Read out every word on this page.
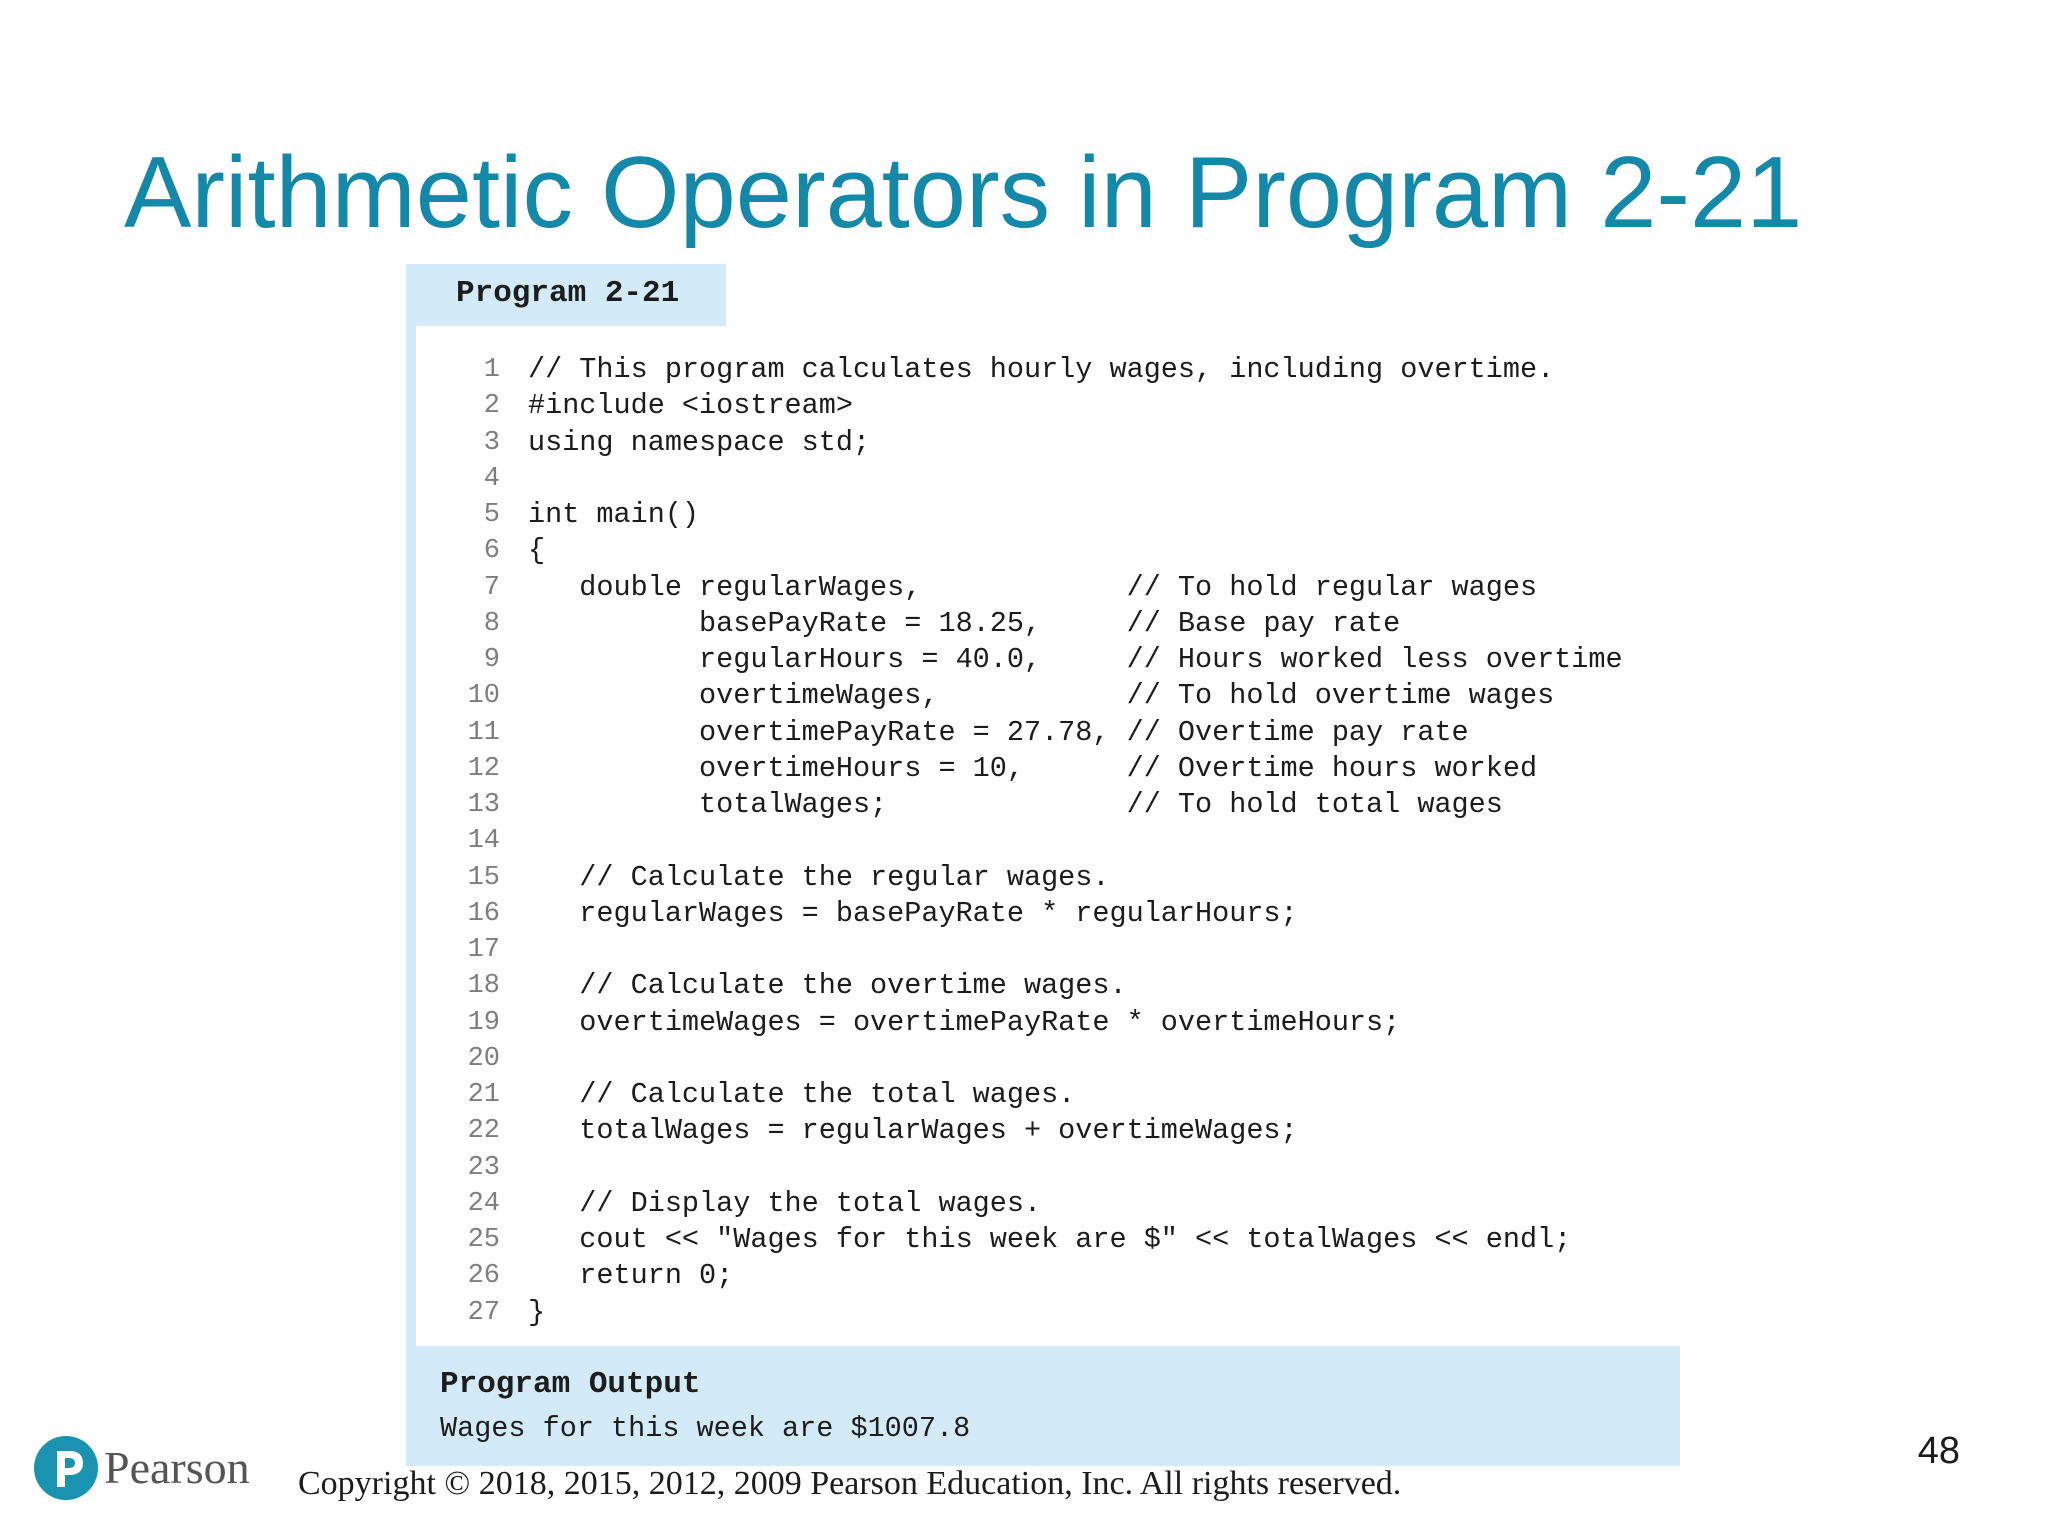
Arithmetic Operators in Program 2-21
Program 2-21
1 // This program calculates hourly wages, including overtime.
2 #include <iostream>
3 using namespace std;
4
5 int main()
6 {
7 double regularWages,            // To hold regular wages
8 basePayRate = 18.25,     // Base pay rate
9 regularHours = 40.0,     // Hours worked less overtime
10 overtimeWages,           // To hold overtime wages
11 overtimePayRate = 27.78, // Overtime pay rate
12 overtimeHours = 10,      // Overtime hours worked
13 totalWages;              // To hold total wages
14
15 // Calculate the regular wages.
16 regularWages = basePayRate * regularHours;
17
18 // Calculate the overtime wages.
19 overtimeWages = overtimePayRate * overtimeHours;
20
21 // Calculate the total wages.
22 totalWages = regularWages + overtimeWages;
23
24 // Display the total wages.
25 cout << "Wages for this week are $" << totalWages << endl;
26 return 0;
27 }
Program Output
Wages for this week are $1007.8
Pearson Copyright © 2018, 2015, 2012, 2009 Pearson Education, Inc. All rights reserved.
48
